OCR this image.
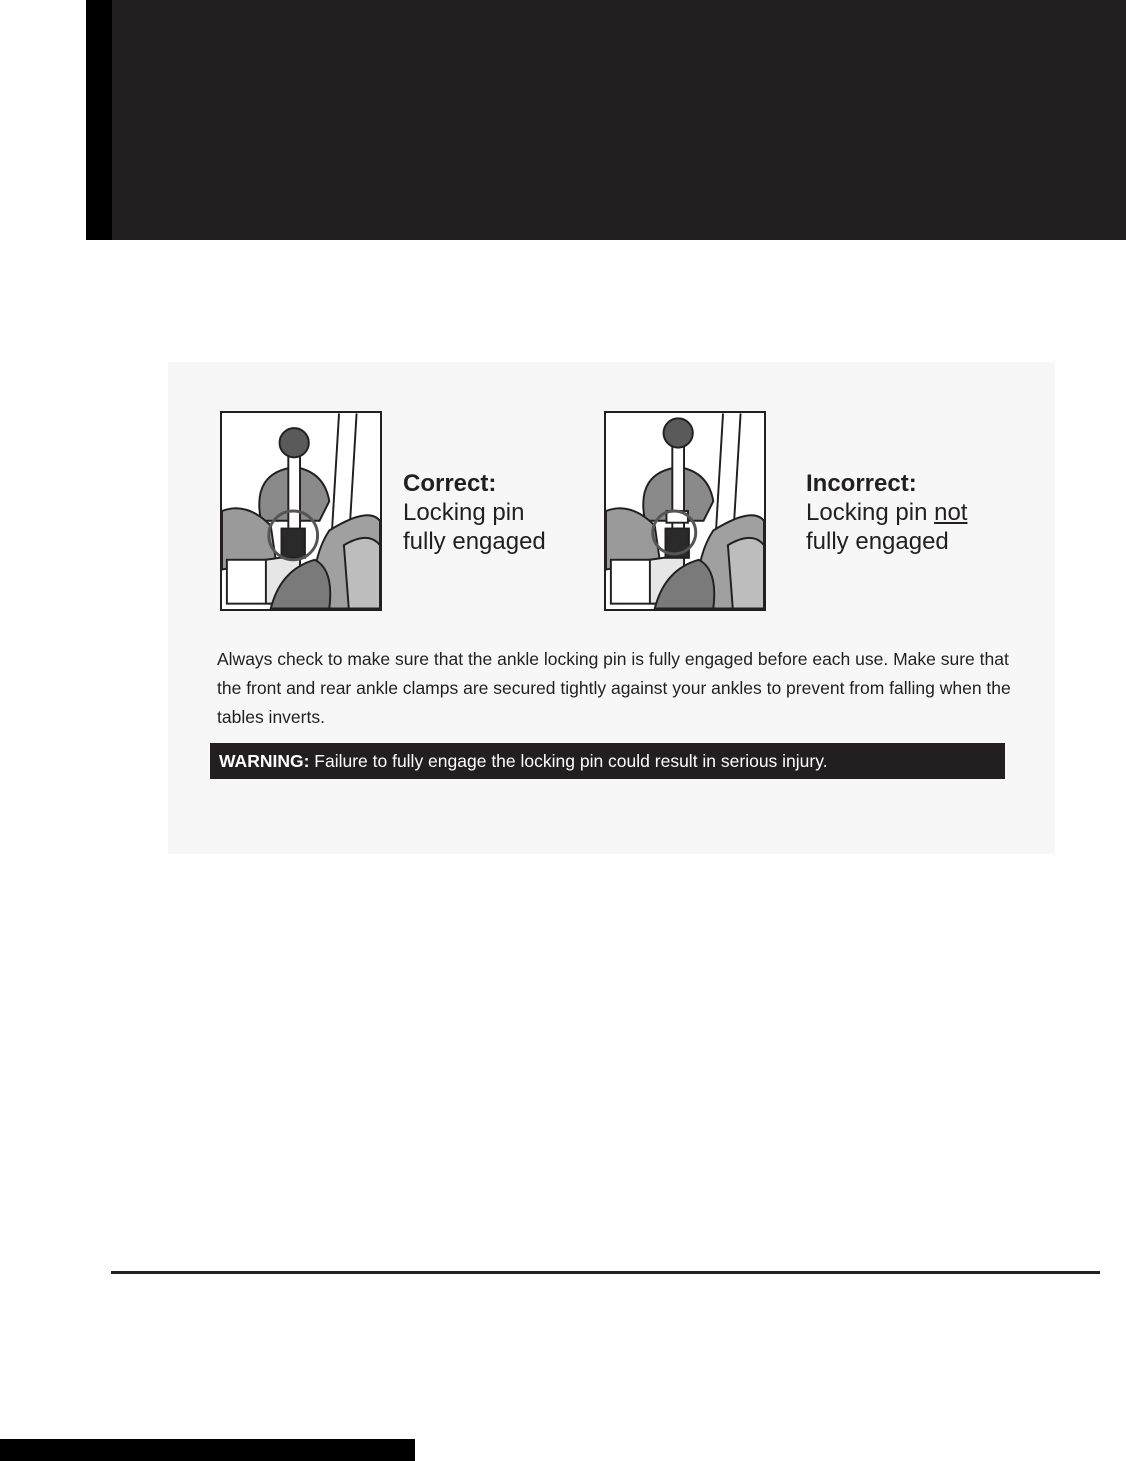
Correct:
Locking pin
fully engaged
Incorrect:
Locking pin not
fully engaged
Always check to make sure that the ankle locking pin is fully engaged before each use. Make sure that the front and rear ankle clamps are secured tightly against your ankles to prevent from falling when the tables inverts.
WARNING: Failure to fully engage the locking pin could result in serious injury.
